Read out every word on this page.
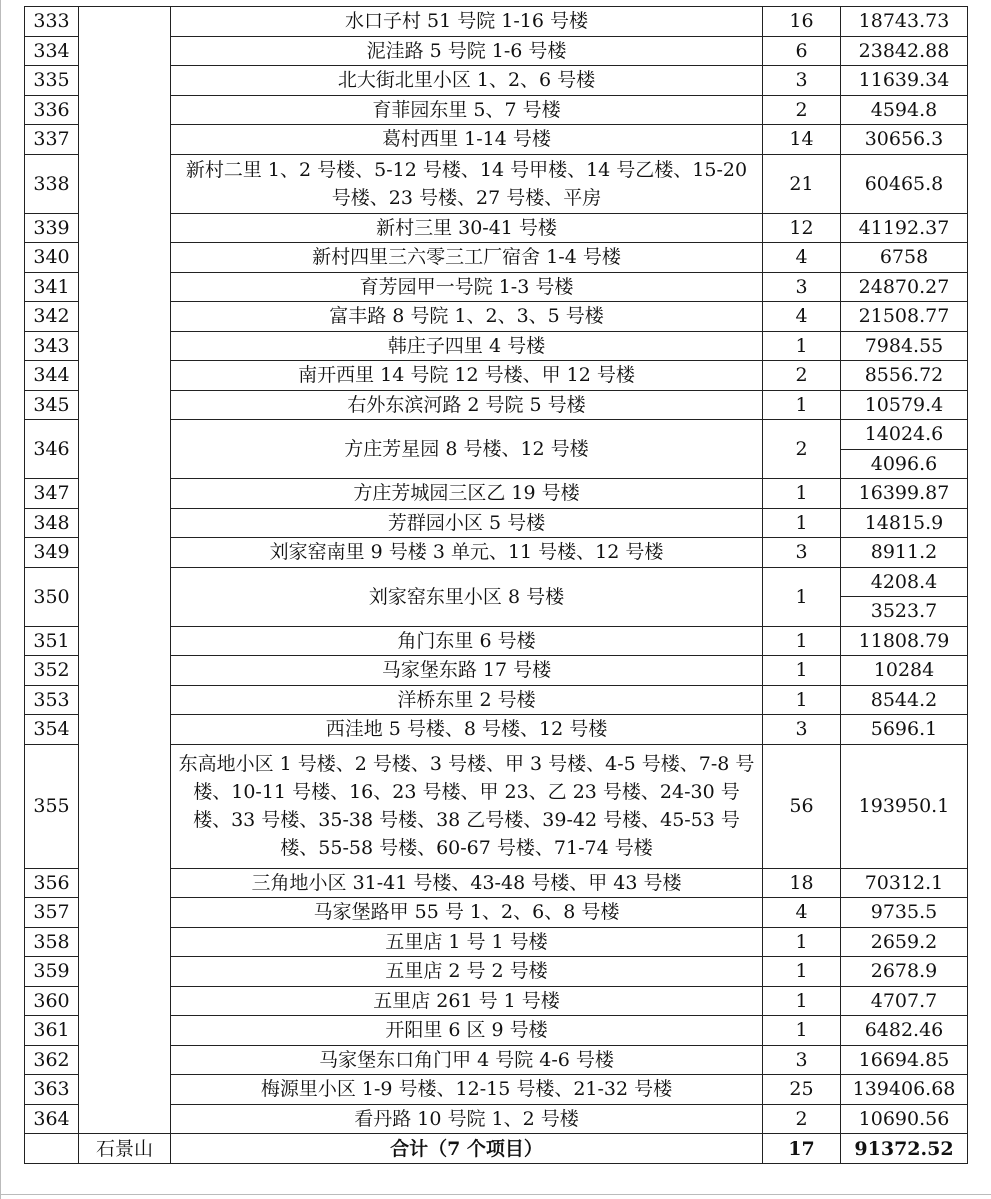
333		水口子村 51 号院 1-16 号楼	16	18743.73
334		泥洼路 5 号院 1-6 号楼	6	23842.88
335		北大街北里小区 1、2、6 号楼	3	11639.34
336		育菲园东里 5、7 号楼	2	4594.8
337		葛村西里 1-14 号楼	14	30656.3
338		新村二里 1、2 号楼、5-12 号楼、14 号甲楼、14 号乙楼、15-20 号楼、23 号楼、27 号楼、平房	21	60465.8
339		新村三里 30-41 号楼	12	41192.37
340		新村四里三六零三工厂宿舍 1-4 号楼	4	6758
341		育芳园甲一号院 1-3 号楼	3	24870.27
342		富丰路 8 号院 1、2、3、5 号楼	4	21508.77
343		韩庄子四里 4 号楼	1	7984.55
344		南开西里 14 号院 12 号楼、甲 12 号楼	2	8556.72
345		右外东滨河路 2 号院 5 号楼	1	10579.4
346		方庄芳星园 8 号楼、12 号楼	2	14024.6
				4096.6
347		方庄芳城园三区乙 19 号楼	1	16399.87
348		芳群园小区 5 号楼	1	14815.9
349		刘家窑南里 9 号楼 3 单元、11 号楼、12 号楼	3	8911.2
350		刘家窑东里小区 8 号楼	1	4208.4
				3523.7
351		角门东里 6 号楼	1	11808.79
352		马家堡东路 17 号楼	1	10284
353		洋桥东里 2 号楼	1	8544.2
354		西洼地 5 号楼、8 号楼、12 号楼	3	5696.1
355		东高地小区 1 号楼、2 号楼、3 号楼、甲 3 号楼、4-5 号楼、7-8 号楼、10-11 号楼、16、23 号楼、甲 23、乙 23 号楼、24-30 号楼、33 号楼、35-38 号楼、38 乙号楼、39-42 号楼、45-53 号楼、55-58 号楼、60-67 号楼、71-74 号楼	56	193950.1
356		三角地小区 31-41 号楼、43-48 号楼、甲 43 号楼	18	70312.1
357		马家堡路甲 55 号 1、2、6、8 号楼	4	9735.5
358		五里店 1 号 1 号楼	1	2659.2
359		五里店 2 号 2 号楼	1	2678.9
360		五里店 261 号 1 号楼	1	4707.7
361		开阳里 6 区 9 号楼	1	6482.46
362		马家堡东口角门甲 4 号院 4-6 号楼	3	16694.85
363		梅源里小区 1-9 号楼、12-15 号楼、21-32 号楼	25	139406.68
364		看丹路 10 号院 1、2 号楼	2	10690.56
	石景山	合计（7 个项目）	17	91372.52
